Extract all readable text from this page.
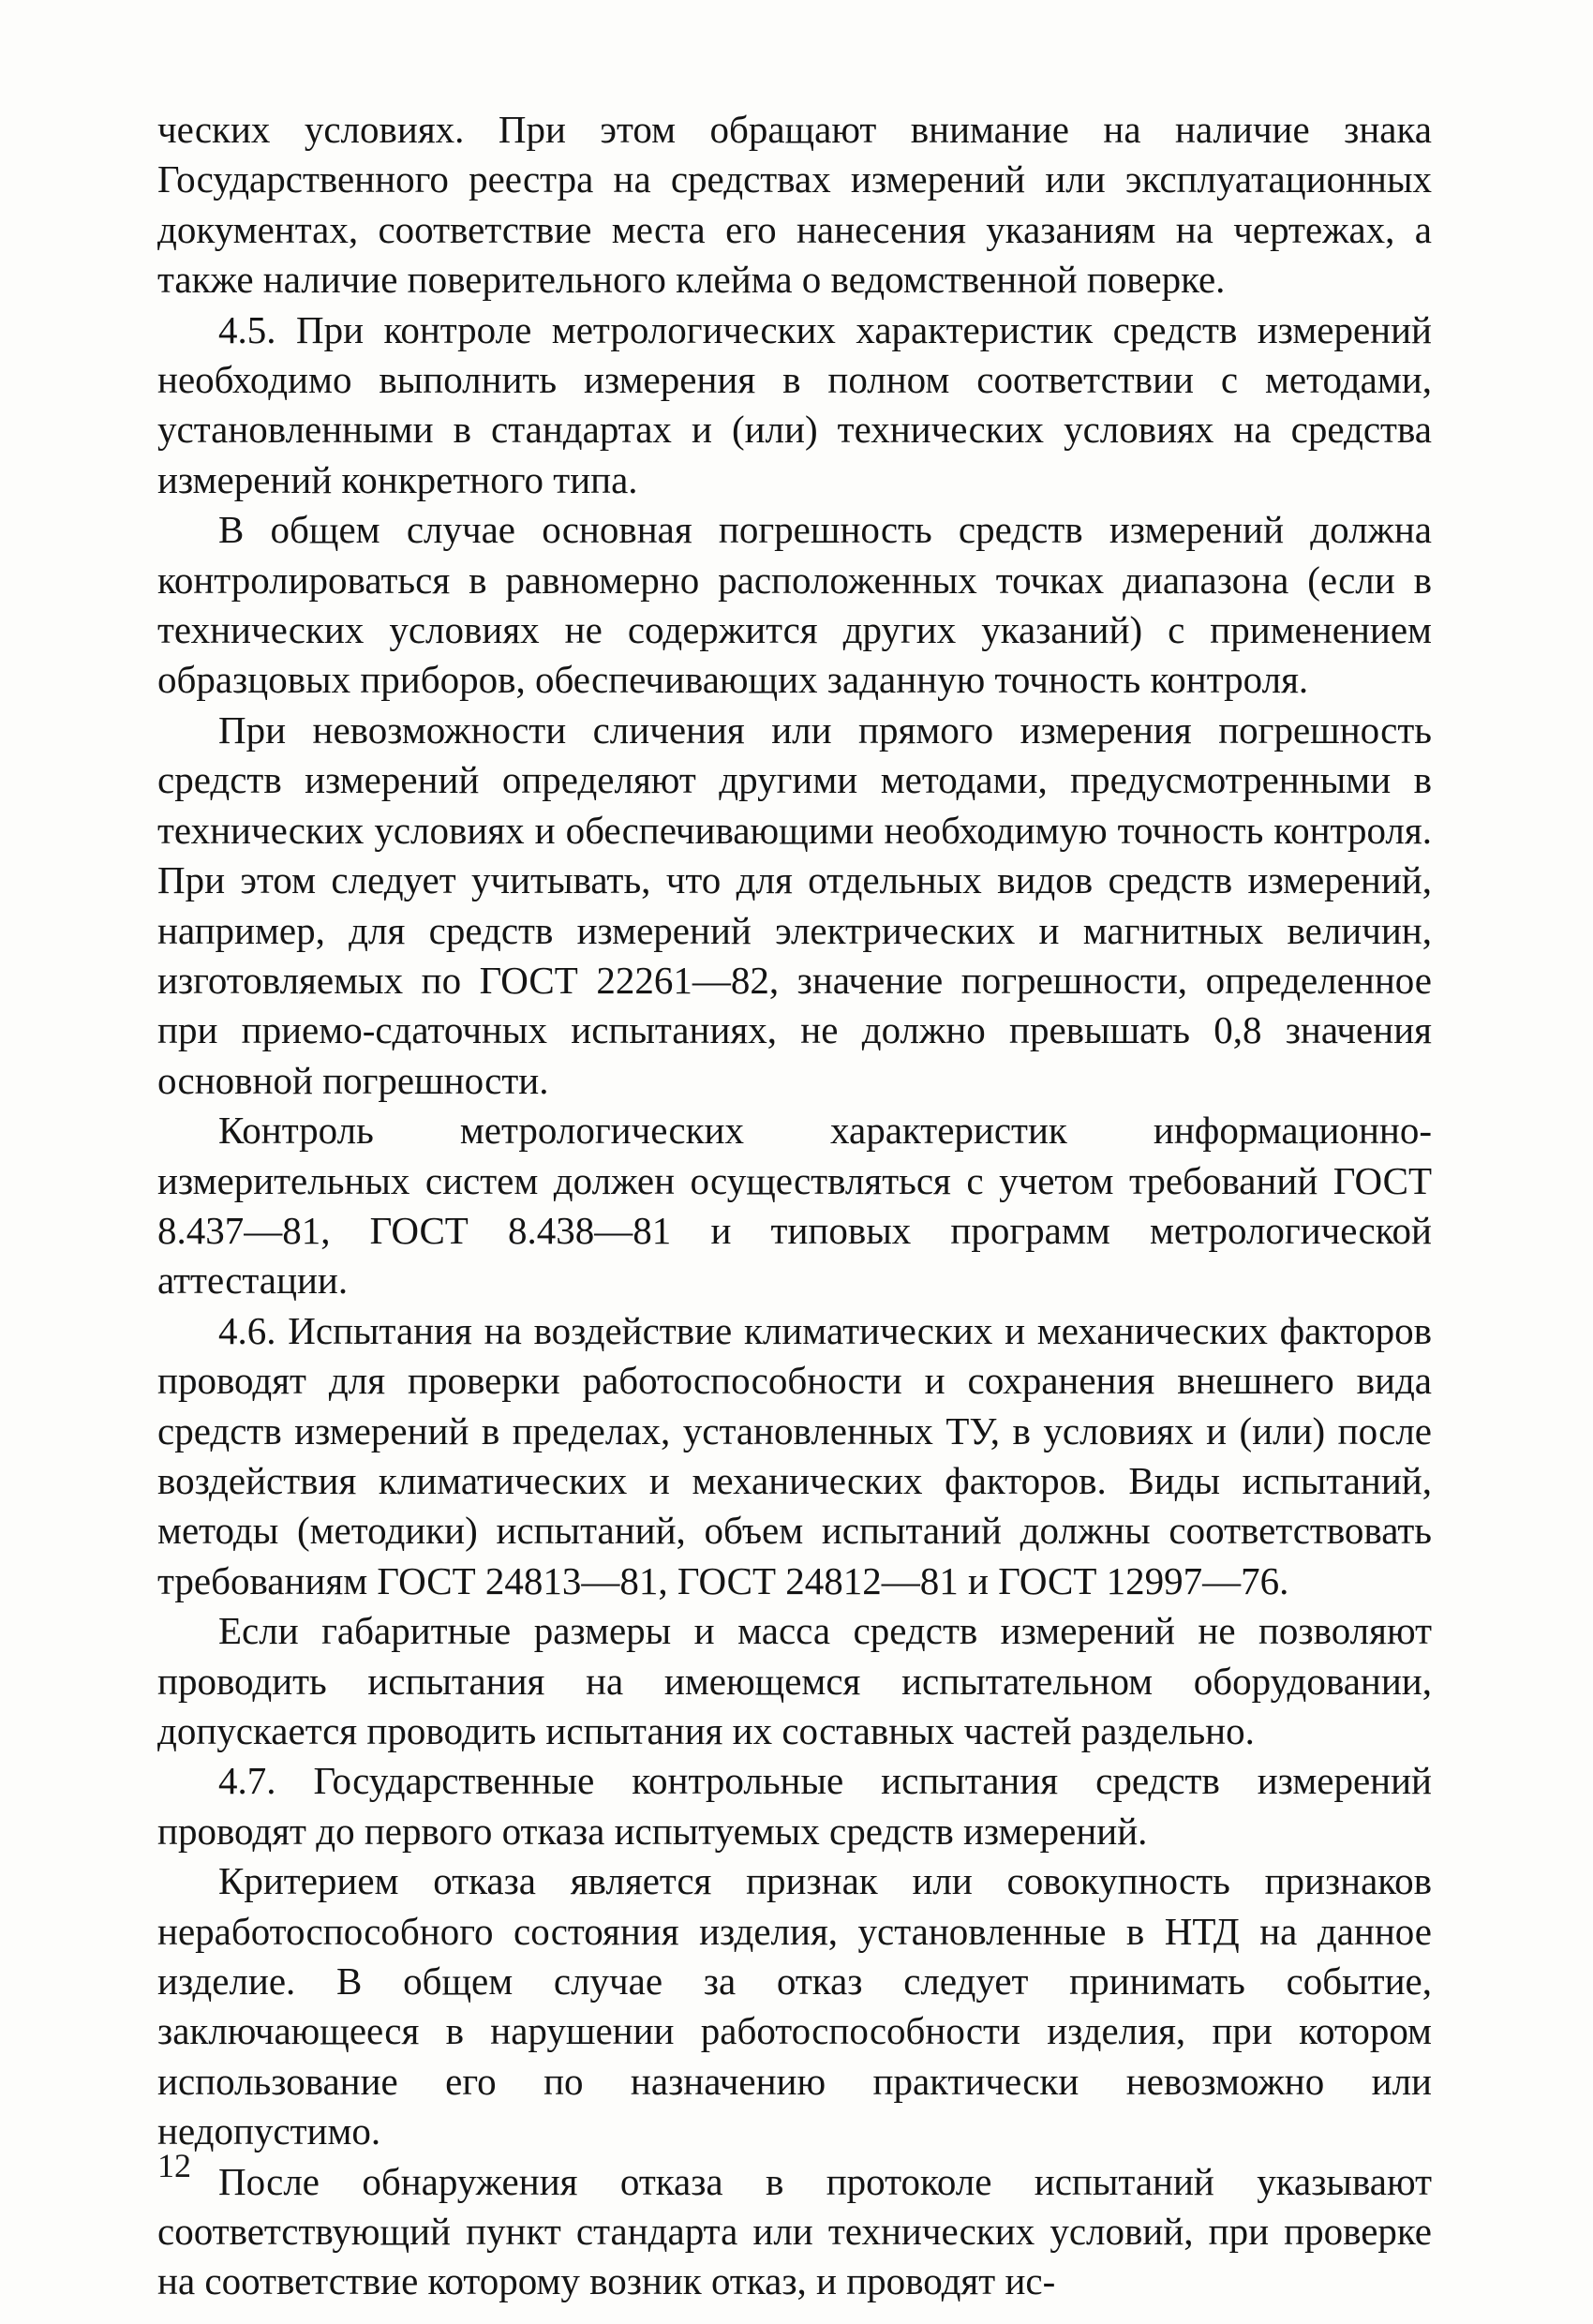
ческих условиях. При этом обращают внимание на наличие знака Государственного реестра на средствах измерений или эксплуатационных документах, соответствие места его нанесения указаниям на чертежах, а также наличие поверительного клейма о ведомственной поверке.

4.5. При контроле метрологических характеристик средств измерений необходимо выполнить измерения в полном соответствии с методами, установленными в стандартах и (или) технических условиях на средства измерений конкретного типа.

В общем случае основная погрешность средств измерений должна контролироваться в равномерно расположенных точках диапазона (если в технических условиях не содержится других указаний) с применением образцовых приборов, обеспечивающих заданную точность контроля.

При невозможности сличения или прямого измерения погрешность средств измерений определяют другими методами, предусмотренными в технических условиях и обеспечивающими необходимую точность контроля. При этом следует учитывать, что для отдельных видов средств измерений, например, для средств измерений электрических и магнитных величин, изготовляемых по ГОСТ 22261—82, значение погрешности, определенное при приемо-сдаточных испытаниях, не должно превышать 0,8 значения основной погрешности.

Контроль метрологических характеристик информационно-измерительных систем должен осуществляться с учетом требований ГОСТ 8.437—81, ГОСТ 8.438—81 и типовых программ метрологической аттестации.

4.6. Испытания на воздействие климатических и механических факторов проводят для проверки работоспособности и сохранения внешнего вида средств измерений в пределах, установленных ТУ, в условиях и (или) после воздействия климатических и механических факторов. Виды испытаний, методы (методики) испытаний, объем испытаний должны соответствовать требованиям ГОСТ 24813—81, ГОСТ 24812—81 и ГОСТ 12997—76.

Если габаритные размеры и масса средств измерений не позволяют проводить испытания на имеющемся испытательном оборудовании, допускается проводить испытания их составных частей раздельно.

4.7. Государственные контрольные испытания средств измерений проводят до первого отказа испытуемых средств измерений.

Критерием отказа является признак или совокупность признаков неработоспособного состояния изделия, установленные в НТД на данное изделие. В общем случае за отказ следует принимать событие, заключающееся в нарушении работоспособности изделия, при котором использование его по назначению практически невозможно или недопустимо.

После обнаружения отказа в протоколе испытаний указывают соответствующий пункт стандарта или технических условий, при проверке на соответствие которому возник отказ, и проводят ис-

12
